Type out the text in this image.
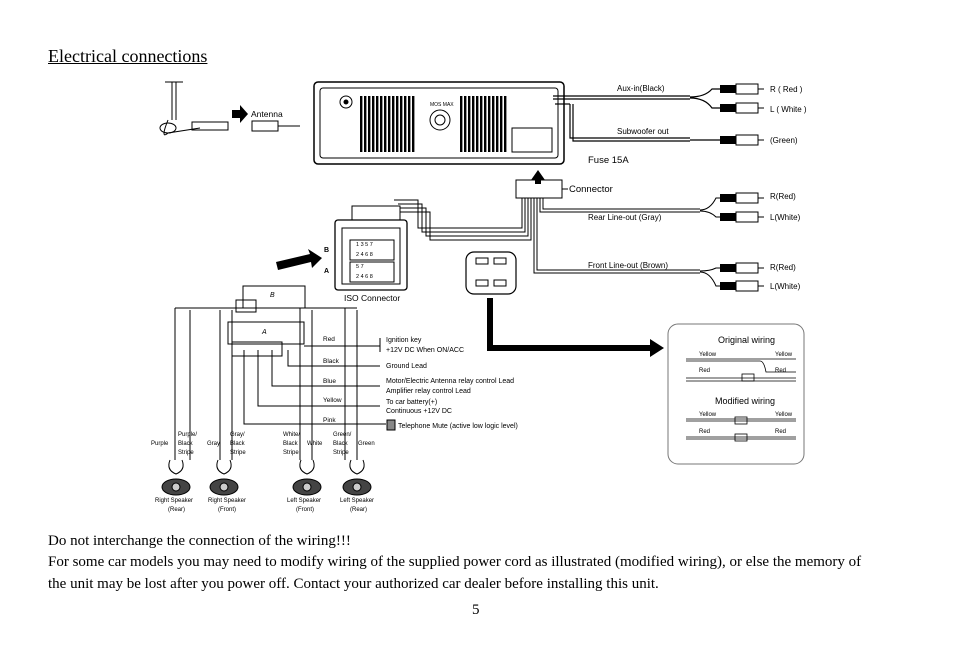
Electrical connections
Antenna
MOS MAX
Aux-in(Black)
Subwoofer out
Fuse 15A
Connector
Rear Line-out (Gray)
Front Line-out (Brown)
R ( Red )
L ( White )
(Green)
R(Red)
L(White)
R(Red)
L(White)
1 3 5 7
2 4 6 8
5 7
2 4 6 8
B
A
ISO Connector
B
A
Red
Black
Blue
Yellow
Pink
Ignition key
+12V DC When ON/ACC
Ground Lead
Motor/Electric Antenna relay control Lead
Amplifier relay control Lead
To car battery(+)
Continuous +12V DC
Telephone Mute (active low logic level)
Purple
Purple/
Black
Stripe
Gray
Gray/
Black
Stripe
White/
Black
Stripe
White
Green/
Black
Stripe
Green
Right Speaker
(Rear)
Right Speaker
(Front)
Left Speaker
(Front)
Left Speaker
(Rear)
Original wiring
Modified wiring
Yellow	Yellow
Red	Red
Yellow	Yellow
Red	Red
Do not interchange the connection of the wiring!!!
For some car models you may need to modify wiring of the supplied power cord as illustrated (modified wiring), or else the memory of
the unit may be lost after you power off. Contact your authorized car dealer before installing this unit.
5
